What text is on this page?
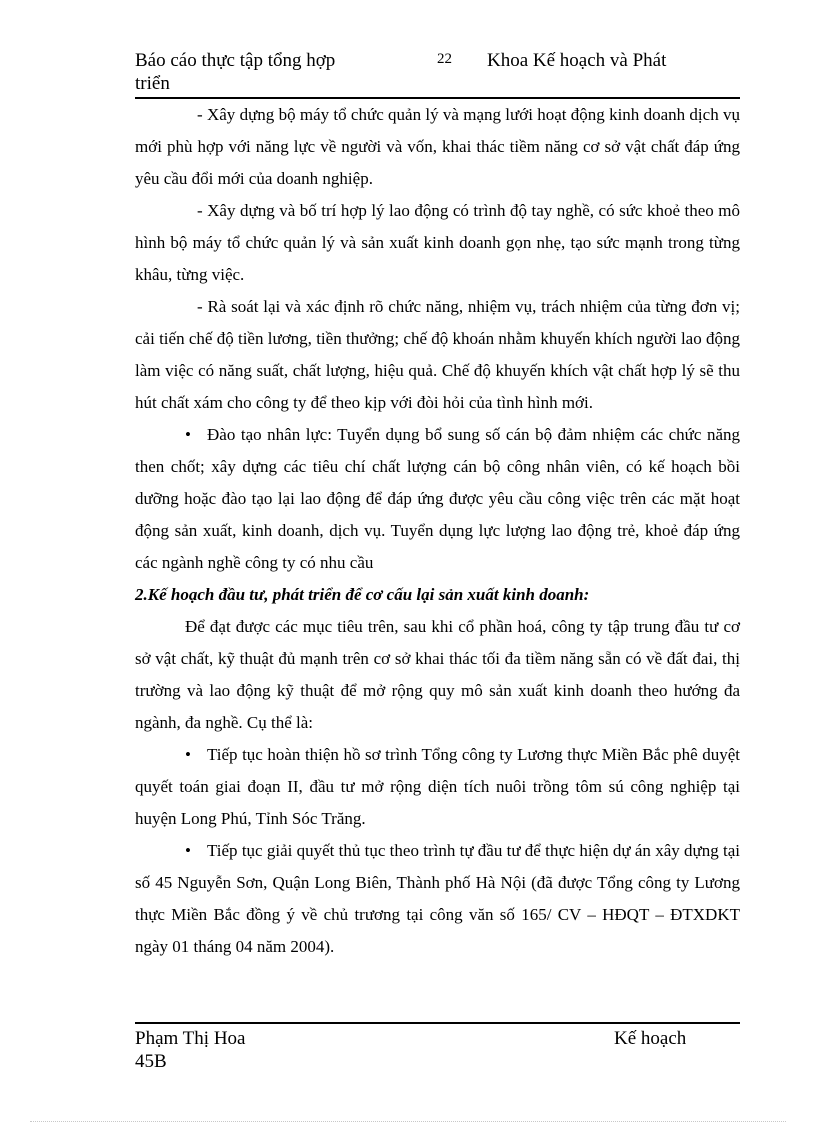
Báo cáo thực tập tổng hợp
triển
22 Khoa Kế hoạch và Phát

- Xây dựng bộ máy tổ chức quản lý và mạng lưới hoạt động kinh doanh dịch vụ mới phù hợp với năng lực về người và vốn, khai thác tiềm năng cơ sở vật chất đáp ứng yêu cầu đổi mới của doanh nghiệp.

- Xây dựng và bố trí hợp lý lao động có trình độ tay nghề, có sức khoẻ theo mô hình bộ máy tổ chức quản lý và sản xuất kinh doanh gọn nhẹ, tạo sức mạnh trong từng khâu, từng việc.

- Rà soát lại và xác định rõ chức năng, nhiệm vụ, trách nhiệm của từng đơn vị; cải tiến chế độ tiền lương, tiền thưởng; chế độ khoán nhằm khuyến khích người lao động làm việc có năng suất, chất lượng, hiệu quả. Chế độ khuyến khích vật chất hợp lý sẽ thu hút chất xám cho công ty để theo kịp với đòi hỏi của tình hình mới.

• Đào tạo nhân lực: Tuyển dụng bổ sung số cán bộ đảm nhiệm các chức năng then chốt; xây dựng các tiêu chí chất lượng cán bộ công nhân viên, có kế hoạch bồi dưỡng hoặc đào tạo lại lao động để đáp ứng được yêu cầu công việc trên các mặt hoạt động sản xuất, kinh doanh, dịch vụ. Tuyển dụng lực lượng lao động trẻ, khoẻ đáp ứng các ngành nghề công ty có nhu cầu

2.Kế hoạch đầu tư, phát triển để cơ cấu lại sản xuất kinh doanh:

Để đạt được các mục tiêu trên, sau khi cổ phần hoá, công ty tập trung đầu tư cơ sở vật chất, kỹ thuật đủ mạnh trên cơ sở khai thác tối đa tiềm năng sẵn có về đất đai, thị trường và lao động kỹ thuật để mở rộng quy mô sản xuất kinh doanh theo hướng đa ngành, đa nghề. Cụ thể là:

• Tiếp tục hoàn thiện hồ sơ trình Tổng công ty Lương thực Miền Bắc phê duyệt quyết toán giai đoạn II, đầu tư mở rộng diện tích nuôi trồng tôm sú công nghiệp tại huyện Long Phú, Tỉnh Sóc Trăng.

• Tiếp tục giải quyết thủ tục theo trình tự đầu tư để thực hiện dự án xây dựng tại số 45 Nguyễn Sơn, Quận Long Biên, Thành phố Hà Nội (đã được Tổng công ty Lương thực Miền Bắc đồng ý về chủ trương tại công văn số 165/ CV – HĐQT – ĐTXDKT ngày 01 tháng 04 năm 2004).

Phạm Thị Hoa
45B
Kế hoạch
